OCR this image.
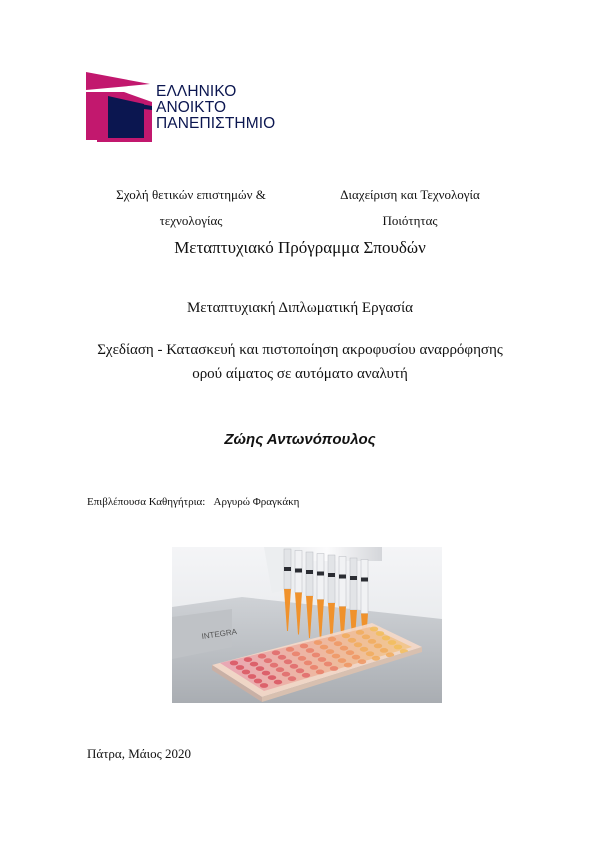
ΕΛΛΗΝΙΚΟ
ΑΝΟΙΚΤΟ
ΠΑΝΕΠΙΣΤΗΜΙΟ
Σχολή θετικών επιστημών &
τεχνολογίας
Διαχείριση και Τεχνολογία
Ποιότητας
Μεταπτυχιακό Πρόγραμμα Σπουδών
Μεταπτυχιακή Διπλωματική Εργασία
Σχεδίαση - Κατασκευή και πιστοποίηση ακροφυσίου αναρρόφησης
ορού αίματος σε αυτόματο αναλυτή
Ζώης Αντωνόπουλος
Επιβλέπουσα Καθηγήτρια: Αργυρώ Φραγκάκη
INTEGRA
Πάτρα, Μάιος 2020
